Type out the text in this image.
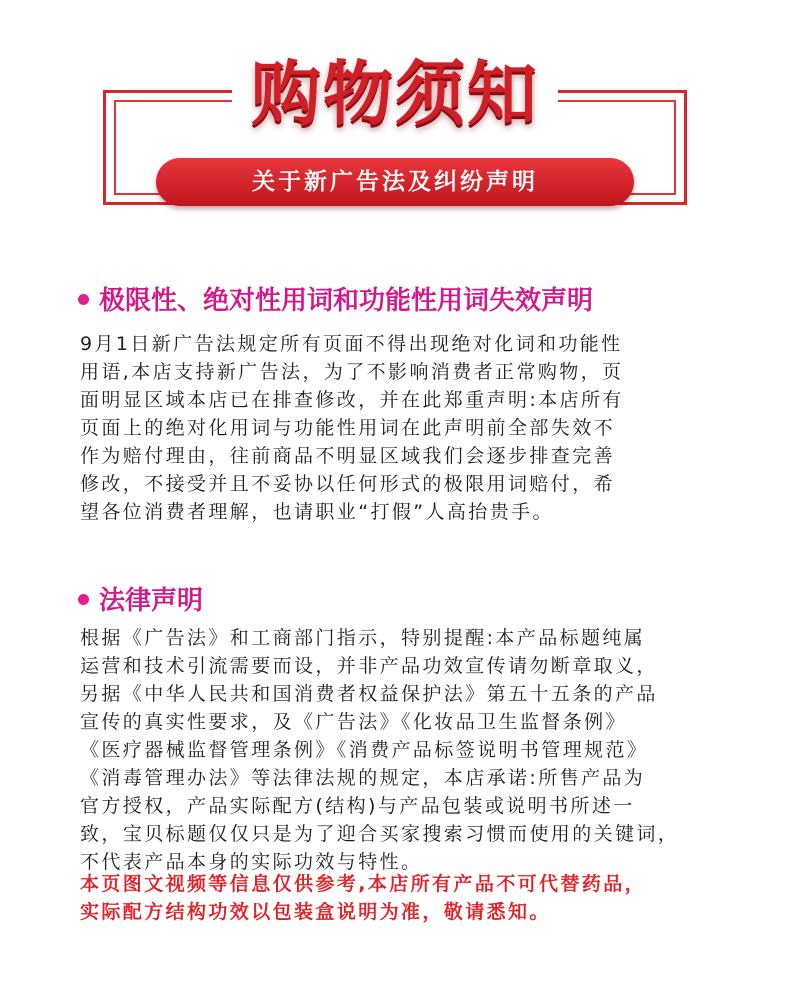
购物须知
关于新广告法及纠纷声明
极限性、绝对性用词和功能性用词失效声明
9月1日新广告法规定所有页面不得出现绝对化词和功能性
用语,本店支持新广告法，为了不影响消费者正常购物，页
面明显区域本店已在排查修改，并在此郑重声明:本店所有
页面上的绝对化用词与功能性用词在此声明前全部失效不
作为赔付理由，往前商品不明显区域我们会逐步排查完善
修改，不接受并且不妥协以任何形式的极限用词赔付，希
望各位消费者理解，也请职业“打假”人高抬贵手。
法律声明
根据《广告法》和工商部门指示，特别提醒:本产品标题纯属
运营和技术引流需要而设，并非产品功效宣传请勿断章取义，
另据《中华人民共和国消费者权益保护法》第五十五条的产品
宣传的真实性要求，及《广告法》《化妆品卫生监督条例》
《医疗器械监督管理条例》《消费产品标签说明书管理规范》
《消毒管理办法》等法律法规的规定，本店承诺:所售产品为
官方授权，产品实际配方(结构)与产品包装或说明书所述一
致，宝贝标题仅仅只是为了迎合买家搜索习惯而使用的关键词，
不代表产品本身的实际功效与特性。
本页图文视频等信息仅供参考,本店所有产品不可代替药品，
实际配方结构功效以包装盒说明为准，敬请悉知。
